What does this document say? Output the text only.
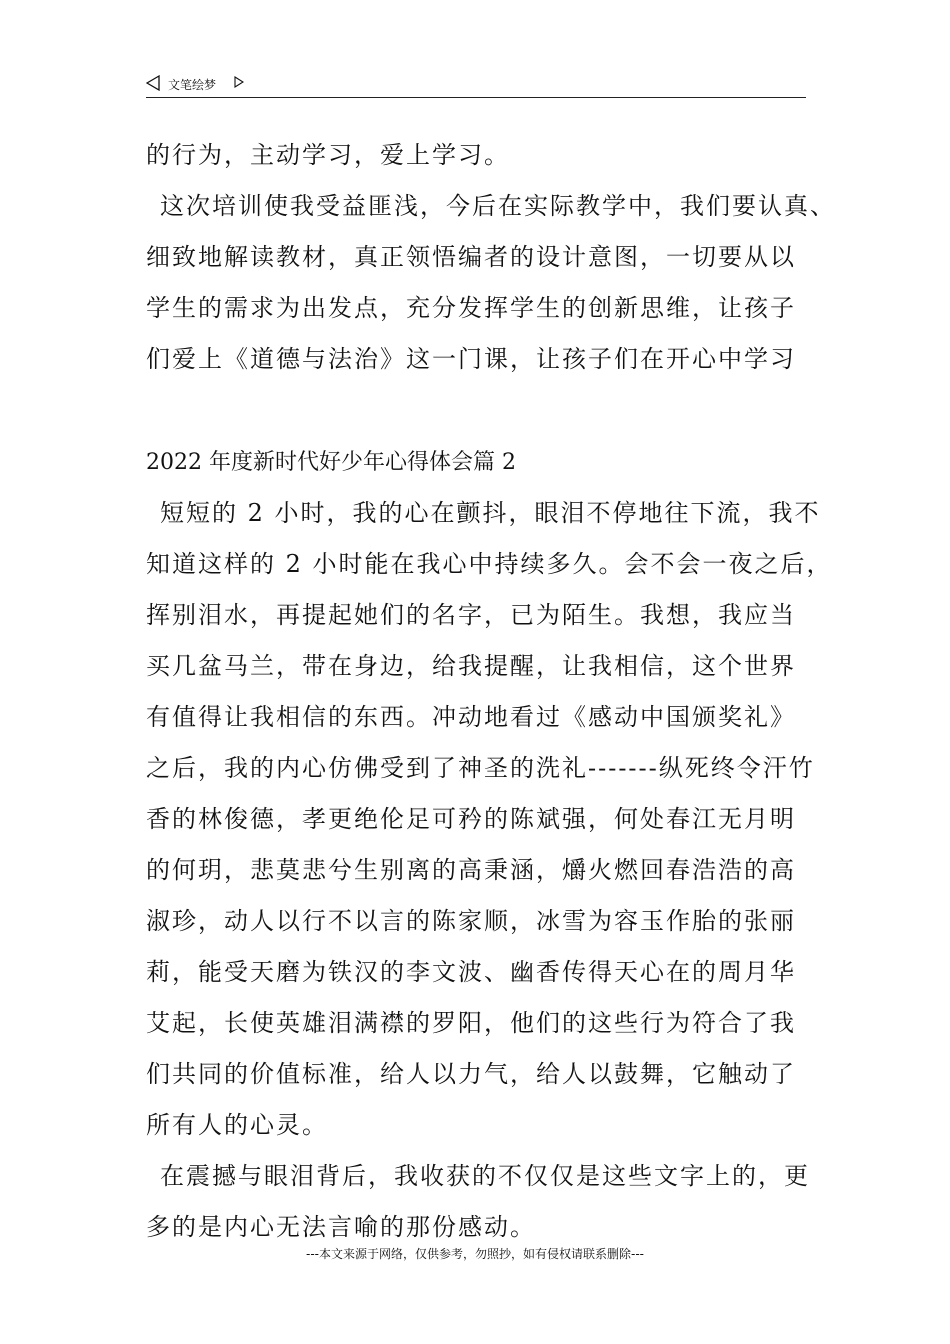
文笔绘梦
的行为，主动学习，爱上学习。
这次培训使我受益匪浅，今后在实际教学中，我们要认真、
细致地解读教材，真正领悟编者的设计意图，一切要从以
学生的需求为出发点，充分发挥学生的创新思维，让孩子
们爱上《道德与法治》这一门课，让孩子们在开心中学习
2022 年度新时代好少年心得体会篇 2
短短的 2 小时，我的心在颤抖，眼泪不停地往下流，我不
知道这样的 2 小时能在我心中持续多久。会不会一夜之后，
挥别泪水，再提起她们的名字，已为陌生。我想，我应当
买几盆马兰，带在身边，给我提醒，让我相信，这个世界
有值得让我相信的东西。冲动地看过《感动中国颁奖礼》
之后，我的内心仿佛受到了神圣的洗礼-------纵死终令汗竹
香的林俊德，孝更绝伦足可矜的陈斌强，何处春江无月明
的何玥，悲莫悲兮生别离的高秉涵，爝火燃回春浩浩的高
淑珍，动人以行不以言的陈家顺，冰雪为容玉作胎的张丽
莉，能受天磨为铁汉的李文波、幽香传得天心在的周月华
艾起，长使英雄泪满襟的罗阳，他们的这些行为符合了我
们共同的价值标准，给人以力气，给人以鼓舞，它触动了
所有人的心灵。
在震撼与眼泪背后，我收获的不仅仅是这些文字上的，更
多的是内心无法言喻的那份感动。
---本文来源于网络，仅供参考，勿照抄，如有侵权请联系删除---
